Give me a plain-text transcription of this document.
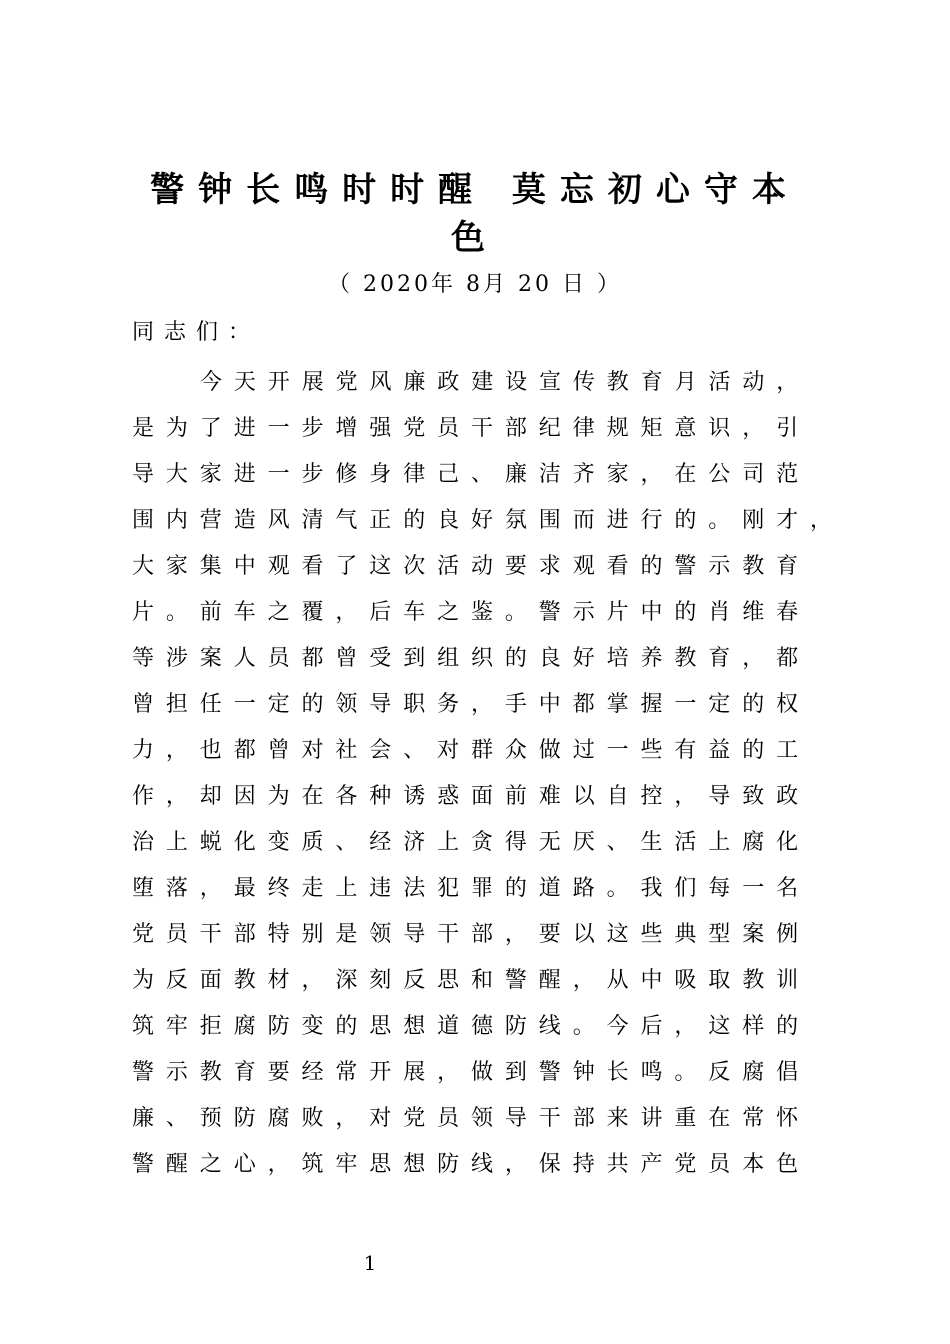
警钟长鸣时时醒 莫忘初心守本
色
（ 2020年 8月 20 日 ）
同志们：
今天开展党风廉政建设宣传教育月活动，
是为了进一步增强党员干部纪律规矩意识，引
导大家进一步修身律己、廉洁齐家，在公司范
围内营造风清气正的良好氛围而进行的。刚才，
大家集中观看了这次活动要求观看的警示教育
片。前车之覆，后车之鉴。警示片中的肖维春
等涉案人员都曾受到组织的良好培养教育，都
曾担任一定的领导职务，手中都掌握一定的权
力，也都曾对社会、对群众做过一些有益的工
作，却因为在各种诱惑面前难以自控，导致政
治上蜕化变质、经济上贪得无厌、生活上腐化
堕落，最终走上违法犯罪的道路。我们每一名
党员干部特别是领导干部，要以这些典型案例
为反面教材，深刻反思和警醒，从中吸取教训
筑牢拒腐防变的思想道德防线。今后，这样的
警示教育要经常开展，做到警钟长鸣。反腐倡
廉、预防腐败，对党员领导干部来讲重在常怀
警醒之心，筑牢思想防线，保持共产党员本色
1
